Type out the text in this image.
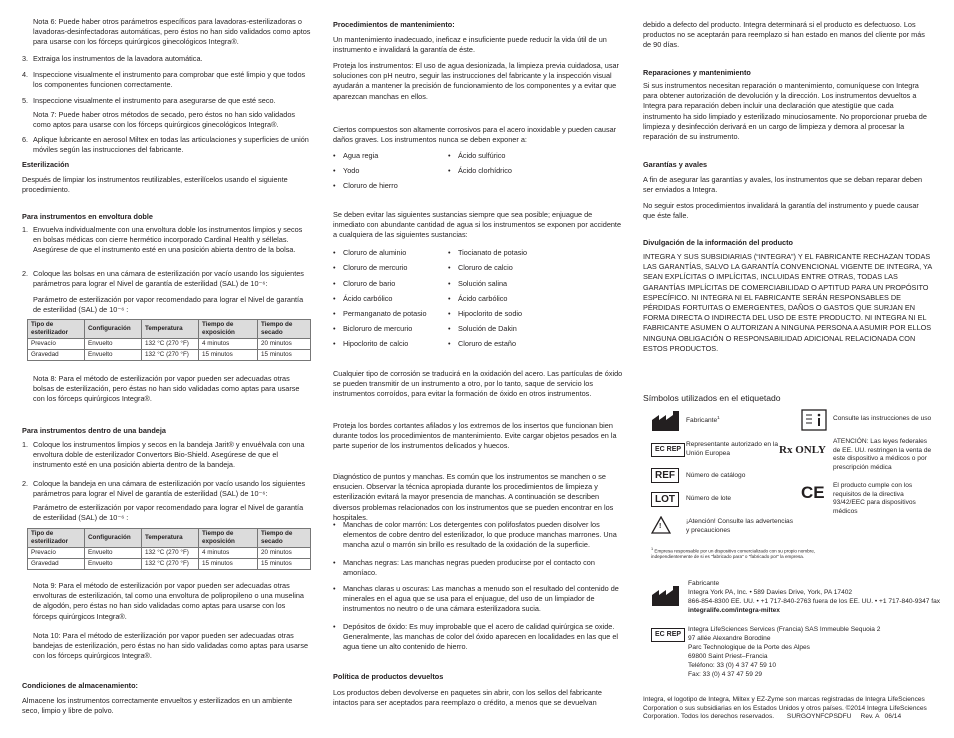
Nota 6: Puede haber otros parámetros específicos para lavadoras-esterilizadoras o lavadoras-desinfectadoras automáticas, pero éstos no han sido validados como aptos para usarse con los fórceps quirúrgicos ginecológicos Integra®.

3. Extraiga los instrumentos de la lavadora automática.

4. Inspeccione visualmente el instrumento para comprobar que esté limpio y que todos los componentes funcionen correctamente.

5. Inspeccione visualmente el instrumento para asegurarse de que esté seco.

Nota 7: Puede haber otros métodos de secado, pero éstos no han sido validados como aptos para usarse con los fórceps quirúrgicos ginecológicos Integra®.

6. Aplique lubricante en aerosol Miltex en todas las articulaciones y superficies de unión móviles según las instrucciones del fabricante.

Esterilización

Después de limpiar los instrumentos reutilizables, esterilícelos usando el siguiente procedimiento.

Para instrumentos en envoltura doble

1. Envuelva individualmente con una envoltura doble los instrumentos limpios y secos en bolsas médicas con cierre hermético incorporado Cardinal Health y séllelas. Asegúrese de que el instrumento esté en una posición abierta dentro de la bolsa.

2. Coloque las bolsas en una cámara de esterilización por vacío usando los siguientes parámetros para lograr el Nivel de garantía de esterilidad (SAL) de 10⁻⁶:

Parámetro de esterilización por vapor recomendado para lograr el Nivel de garantía de esterilidad (SAL) de 10⁻⁶ :

Nota 8: Para el método de esterilización por vapor pueden ser adecuadas otras bolsas de esterilización, pero éstas no han sido validadas como aptas para usarse con los fórceps quirúrgicos Integra®.

Para instrumentos dentro de una bandeja

1. Coloque los instrumentos limpios y secos en la bandeja Jarit® y envuélvala con una envoltura doble de esterilizador Convertors Bio-Shield. Asegúrese de que el instrumento esté en una posición abierta dentro de la bandeja.

2. Coloque la bandeja en una cámara de esterilización por vacío usando los siguientes parámetros para lograr el Nivel de garantía de esterilidad (SAL) de 10⁻⁶:

Parámetro de esterilización por vapor recomendado para lograr el Nivel de garantía de esterilidad (SAL) de 10⁻⁶ :

Nota 9: Para el método de esterilización por vapor pueden ser adecuadas otras envolturas de esterilización, tal como una envoltura de polipropileno o una muselina de algodón, pero éstas no han sido validadas como aptas para usarse con los fórceps quirúrgicos Integra®.

Nota 10: Para el método de esterilización por vapor pueden ser adecuadas otras bandejas de esterilización, pero éstas no han sido validadas como aptas para usarse con los fórceps quirúrgicos Integra®.

Condiciones de almacenamiento:

Almacene los instrumentos correctamente envueltos y esterilizados en un ambiente seco, limpio y libre de polvo.

Tipo de esterilizador	Configuración	Temperatura	Tiempo de exposición	Tiempo de secado
Prevacío	Envuelto	132 °C (270 °F)	4 minutos	20 minutos
Gravedad	Envuelto	132 °C (270 °F)	15 minutos	15 minutos
Tipo de esterilizador	Configuración	Temperatura	Tiempo de exposición	Tiempo de secado
Prevacío	Envuelto	132 °C (270 °F)	4 minutos	20 minutos
Gravedad	Envuelto	132 °C (270 °F)	15 minutos	15 minutos

Procedimientos de mantenimiento:

Un mantenimiento inadecuado, ineficaz e insuficiente puede reducir la vida útil de un instrumento e invalidará la garantía de éste.

Proteja los instrumentos: El uso de agua desionizada, la limpieza previa cuidadosa, usar soluciones con pH neutro, seguir las instrucciones del fabricante y la inspección visual ayudarán a mantener la precisión de funcionamiento de los componentes y a evitar que aparezcan manchas en ellos.

Ciertos compuestos son altamente corrosivos para el acero inoxidable y pueden causar daños graves. Los instrumentos nunca se deben exponer a:

• Agua regia

• Yodo

• Cloruro de hierro

• Ácido sulfúrico

• Ácido clorhídrico

Se deben evitar las siguientes sustancias siempre que sea posible; enjuague de inmediato con abundante cantidad de agua si los instrumentos se exponen por accidente a cualquiera de las siguientes sustancias:

• Cloruro de aluminio

• Cloruro de mercurio

• Cloruro de bario

• Ácido carbólico

• Permanganato de potasio

• Bicloruro de mercurio

• Hipoclorito de calcio

• Tiocianato de potasio

• Cloruro de calcio

• Solución salina

• Ácido carbólico

• Hipoclorito de sodio

• Solución de Dakin

• Cloruro de estaño

Cualquier tipo de corrosión se traducirá en la oxidación del acero. Las partículas de óxido se pueden transmitir de un instrumento a otro, por lo tanto, saque de servicio los instrumentos corroídos, para evitar la formación de óxido en otros instrumentos.

Proteja los bordes cortantes afilados y los extremos de los insertos que funcionan bien durante todos los procedimientos de mantenimiento. Evite cargar objetos pesados en la parte superior de los instrumentos delicados y huecos.

Diagnóstico de puntos y manchas. Es común que los instrumentos se manchen o se ensucien. Observar la técnica apropiada durante los procedimientos de limpieza y esterilización evitará la mayor presencia de manchas. A continuación se describen diversos problemas relacionados con los instrumentos que se pueden encontrar en los hospitales.

• Manchas de color marrón: Los detergentes con polifosfatos pueden disolver los elementos de cobre dentro del esterilizador, lo que produce manchas marrones. Una mancha azul o marrón sin brillo es resultado de la oxidación de la superficie.

• Manchas negras: Las manchas negras pueden producirse por el contacto con amoníaco.

• Manchas claras u oscuras: Las manchas a menudo son el resultado del contenido de minerales en el agua que se usa para el enjuague, del uso de un limpiador de instrumentos no neutro o de una cámara esterilizadora sucia.

• Depósitos de óxido: Es muy improbable que el acero de calidad quirúrgica se oxide. Generalmente, las manchas de color del óxido aparecen en localidades en las que el agua tiene un alto contenido de hierro.

Política de productos devueltos

Los productos deben devolverse en paquetes sin abrir, con los sellos del fabricante intactos para ser aceptados para reemplazo o crédito, a menos que se devuelvan

debido a defecto del producto. Integra determinará si el producto es defectuoso. Los productos no se aceptarán para reemplazo si han estado en manos del cliente por más de 90 días.

Reparaciones y mantenimiento

Si sus instrumentos necesitan reparación o mantenimiento, comuníquese con Integra para obtener autorización de devolución y la dirección. Los instrumentos devueltos a Integra para reparación deben incluir una declaración que atestigüe que cada instrumento ha sido limpiado y esterilizado minuciosamente. No proporcionar prueba de limpieza y desinfección derivará en un cargo de limpieza y demora al procesar la reparación de su instrumento.

Garantías y avales

A fin de asegurar las garantías y avales, los instrumentos que se deban reparar deben ser enviados a Integra.

No seguir estos procedimientos invalidará la garantía del instrumento y puede causar que éste falle.

Divulgación de la información del producto

INTEGRA Y SUS SUBSIDIARIAS (“INTEGRA”) Y EL FABRICANTE RECHAZAN TODAS LAS GARANTÍAS, SALVO LA GARANTÍA CONVENCIONAL VIGENTE DE INTEGRA, YA SEAN EXPLÍCITAS O IMPLÍCITAS, INCLUIDAS ENTRE OTRAS, TODAS LAS GARANTÍAS IMPLÍCITAS DE COMERCIABILIDAD O APTITUD PARA UN PROPÓSITO ESPECÍFICO. NI INTEGRA NI EL FABRICANTE SERÁN RESPONSABLES DE PÉRDIDAS FORTUITAS O EMERGENTES, DAÑOS O GASTOS QUE SURJAN EN FORMA DIRECTA O INDIRECTA DEL USO DE ESTE PRODUCTO. NI INTEGRA NI EL FABRICANTE ASUMEN O AUTORIZAN A NINGUNA PERSONA A ASUMIR POR ELLOS NINGUNA OBLIGACIÓN O RESPONSABILIDAD ADICIONAL RELACIONADA CON ESTOS PRODUCTOS.

Símbolos utilizados en el etiquetado

Fabricante$^1$	Consulte las instrucciones de uso

EC REP

Representante autorizado en la Unión Europea	Rx ONLY

ATENCIÓN: Las leyes federales de EE. UU. restringen la venta de este dispositivo a médicos o por prescripción médica

REF	Número de catálogo

CE El producto cumple con los requisitos de la directiva 93/42/EEC para dispositivos médicos

LOT	Número de lote

!

¡Atención! Consulte las advertencias y precauciones

$^1$ Empresa responsable por un dispositivo comercializado con su propio nombre, independientemente de si es "fabricado para" o "fabricado por" la empresa.

Fabricante

Integra York PA, Inc. • 589 Davies Drive, York, PA 17402

866-854-8300 EE. UU. • +1 717-840-2763 fuera de los EE. UU. • +1 717-840-9347 fax

integralife.com/integra-miltex

EC REP

Integra LifeSciences Services (Francia) SAS Immeuble Sequoia 2

97 allée Alexandre Borodine

Parc Technologique de la Porte des Alpes

69800 Saint Priest–Francia

Teléfono: 33 (0) 4 37 47 59 10

Fax: 33 (0) 4 37 47 59 29

Integra, el logotipo de Integra, Miltex y EZ-Zyme son marcas registradas de Integra LifeSciences Corporation o sus subsidiarias en los Estados Unidos y otros países. ©2014 Integra LifeSciences Corporation. Todos los derechos reservados.       SURGOYNFCPSDFU     Rev. A   06/14
